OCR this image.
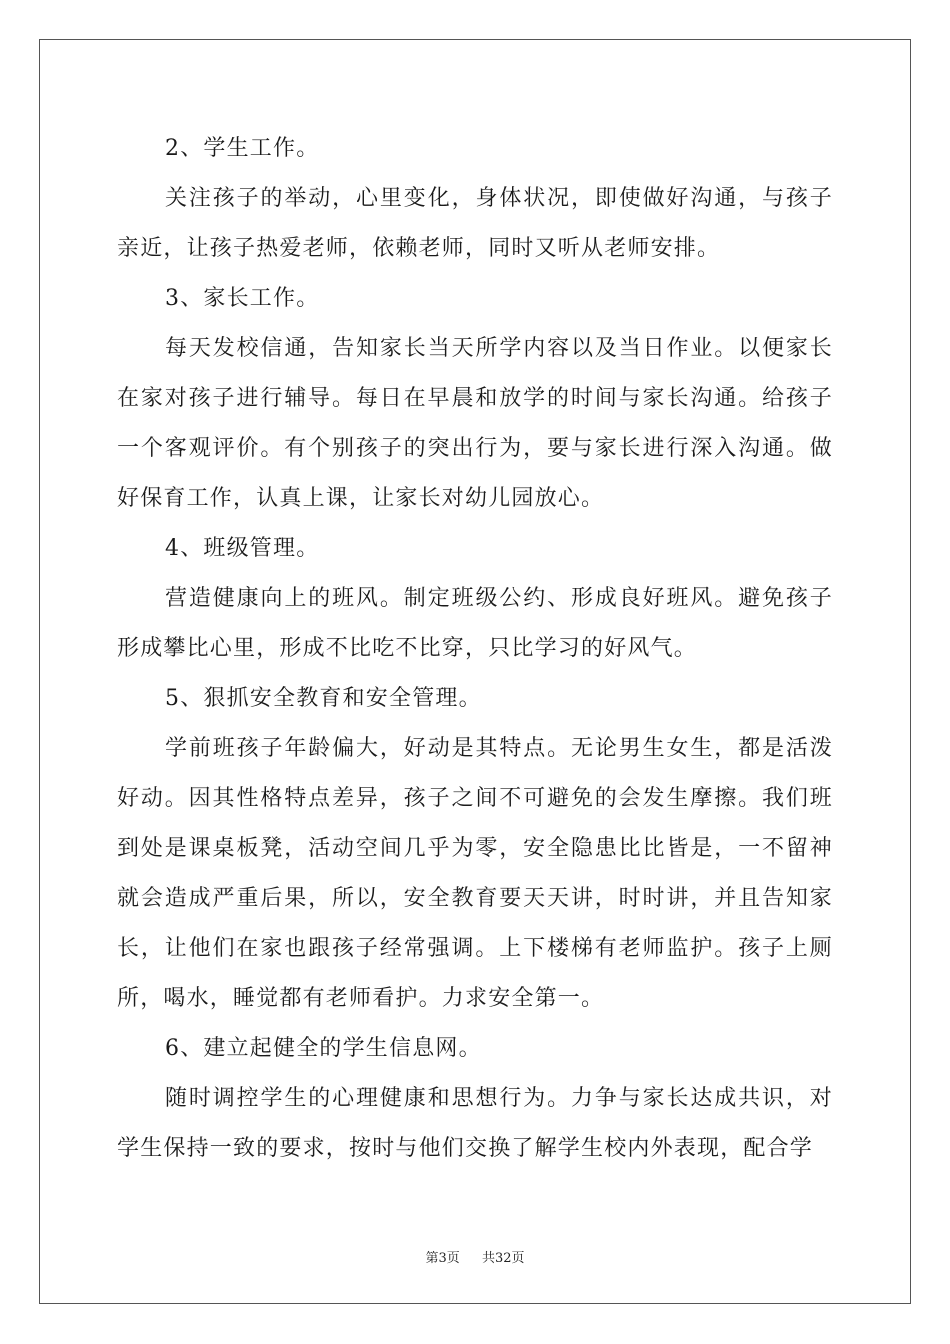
2、学生工作。

关注孩子的举动，心里变化，身体状况，即使做好沟通，与孩子亲近，让孩子热爱老师，依赖老师，同时又听从老师安排。

3、家长工作。

每天发校信通，告知家长当天所学内容以及当日作业。以便家长在家对孩子进行辅导。每日在早晨和放学的时间与家长沟通。给孩子一个客观评价。有个别孩子的突出行为，要与家长进行深入沟通。做好保育工作，认真上课，让家长对幼儿园放心。

4、班级管理。

营造健康向上的班风。制定班级公约、形成良好班风。避免孩子形成攀比心里，形成不比吃不比穿，只比学习的好风气。

5、狠抓安全教育和安全管理。

学前班孩子年龄偏大，好动是其特点。无论男生女生，都是活泼好动。因其性格特点差异，孩子之间不可避免的会发生摩擦。我们班到处是课桌板凳，活动空间几乎为零，安全隐患比比皆是，一不留神就会造成严重后果，所以，安全教育要天天讲，时时讲，并且告知家长，让他们在家也跟孩子经常强调。上下楼梯有老师监护。孩子上厕所，喝水，睡觉都有老师看护。力求安全第一。

6、建立起健全的学生信息网。

随时调控学生的心理健康和思想行为。力争与家长达成共识，对学生保持一致的要求，按时与他们交换了解学生校内外表现，配合学

第3页 共32页
